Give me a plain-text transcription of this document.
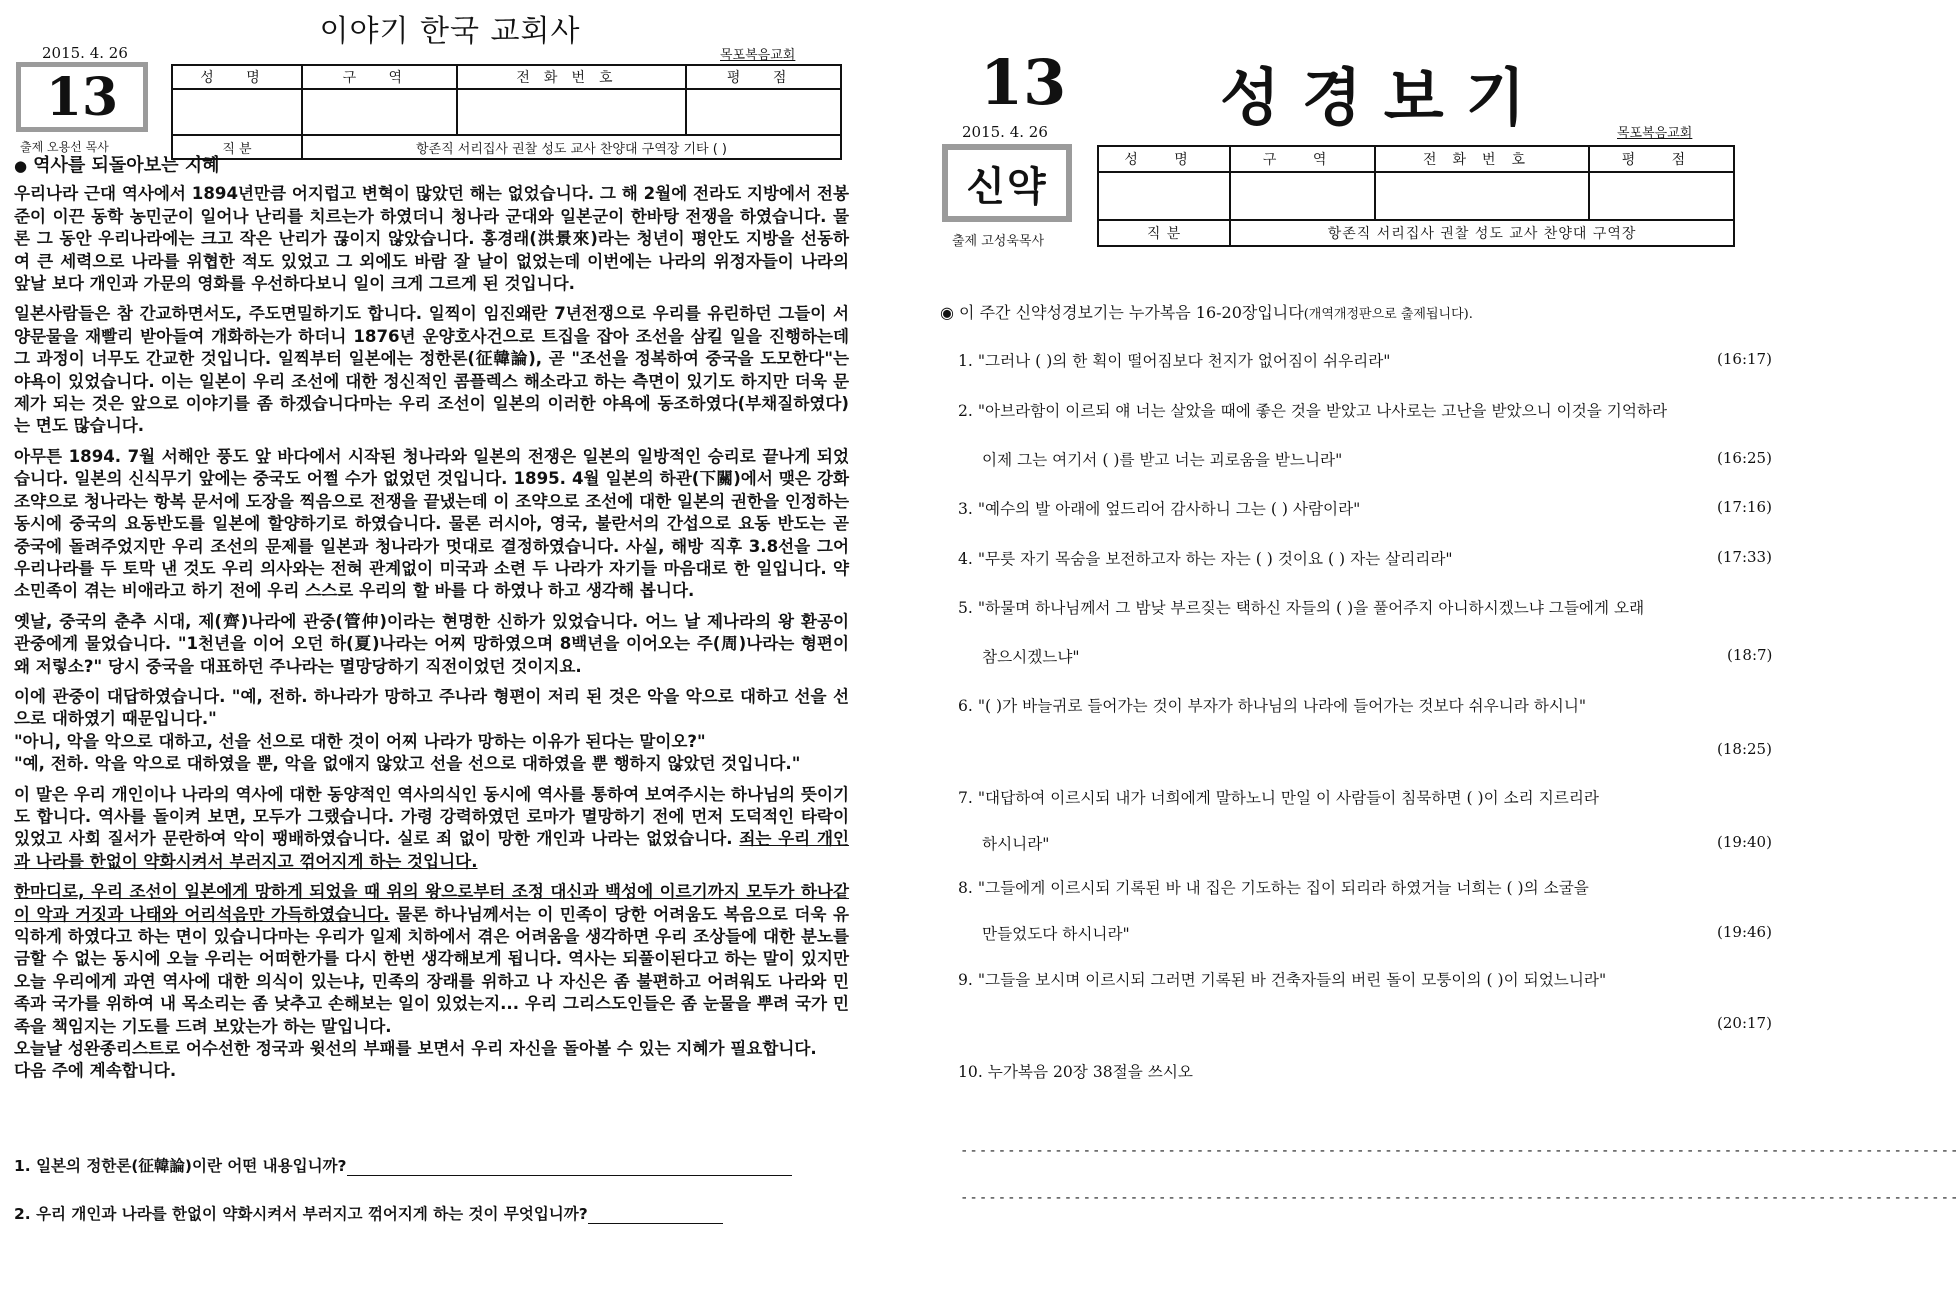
이야기 한국 교회사
2015. 4. 26	목포복음교회
13
출제 오용선 목사
성 명	구 역	전화번호	평 점

직 분	항존직 서리집사 권찰 성도 교사 찬양대 구역장 기타 ( )		

● 역사를 되돌아보는 지혜

우리나라 근대 역사에서 1894년만큼 어지럽고 변혁이 많았던 해는 없었습니다. 그 해 2월에 전라도 지방에서 전봉준이 이끈 동학 농민군이 일어나 난리를 치르는가 하였더니 청나라 군대와 일본군이 한바탕 전쟁을 하였습니다. 물론 그 동안 우리나라에는 크고 작은 난리가 끊이지 않았습니다. 홍경래(洪景來)라는 청년이 평안도 지방을 선동하여 큰 세력으로 나라를 위협한 적도 있었고 그 외에도 바람 잘 날이 없었는데 이번에는 나라의 위정자들이 나라의 앞날 보다 개인과 가문의 영화를 우선하다보니 일이 크게 그르게 된 것입니다.

일본사람들은 참 간교하면서도, 주도면밀하기도 합니다. 일찍이 임진왜란 7년전쟁으로 우리를 유린하던 그들이 서양문물을 재빨리 받아들여 개화하는가 하더니 1876년 운양호사건으로 트집을 잡아 조선을 삼킬 일을 진행하는데 그 과정이 너무도 간교한 것입니다. 일찍부터 일본에는 정한론(征韓論), 곧 "조선을 정복하여 중국을 도모한다"는 야욕이 있었습니다. 이는 일본이 우리 조선에 대한 정신적인 콤플렉스 해소라고 하는 측면이 있기도 하지만 더욱 문제가 되는 것은 앞으로 이야기를 좀 하겠습니다마는 우리 조선이 일본의 이러한 야욕에 동조하였다(부채질하였다)는 면도 많습니다.

아무튼 1894. 7월 서해안 풍도 앞 바다에서 시작된 청나라와 일본의 전쟁은 일본의 일방적인 승리로 끝나게 되었습니다. 일본의 신식무기 앞에는 중국도 어쩔 수가 없었던 것입니다. 1895. 4월 일본의 하관(下關)에서 맺은 강화조약으로 청나라는 항복 문서에 도장을 찍음으로 전쟁을 끝냈는데 이 조약으로 조선에 대한 일본의 권한을 인정하는 동시에 중국의 요동반도를 일본에 할양하기로 하였습니다. 물론 러시아, 영국, 불란서의 간섭으로 요동 반도는 곧 중국에 돌려주었지만 우리 조선의 문제를 일본과 청나라가 멋대로 결정하였습니다. 사실, 해방 직후 3.8선을 그어 우리나라를 두 토막 낸 것도 우리 의사와는 전혀 관계없이 미국과 소련 두 나라가 자기들 마음대로 한 일입니다. 약소민족이 겪는 비애라고 하기 전에 우리 스스로 우리의 할 바를 다 하였나 하고 생각해 봅니다.

옛날, 중국의 춘추 시대, 제(齊)나라에 관중(管仲)이라는 현명한 신하가 있었습니다. 어느 날 제나라의 왕 환공이 관중에게 물었습니다. "1천년을 이어 오던 하(夏)나라는 어찌 망하였으며 8백년을 이어오는 주(周)나라는 형편이 왜 저렇소?" 당시 중국을 대표하던 주나라는 멸망당하기 직전이었던 것이지요.

이에 관중이 대답하였습니다. "예, 전하. 하나라가 망하고 주나라 형편이 저리 된 것은 악을 악으로 대하고 선을 선으로 대하였기 때문입니다."

"아니, 악을 악으로 대하고, 선을 선으로 대한 것이 어찌 나라가 망하는 이유가 된다는 말이오?"

"예, 전하. 악을 악으로 대하였을 뿐, 악을 없애지 않았고 선을 선으로 대하였을 뿐 행하지 않았던 것입니다."

이 말은 우리 개인이나 나라의 역사에 대한 동양적인 역사의식인 동시에 역사를 통하여 보여주시는 하나님의 뜻이기도 합니다. 역사를 돌이켜 보면, 모두가 그랬습니다. 가령 강력하였던 로마가 멸망하기 전에 먼저 도덕적인 타락이 있었고 사회 질서가 문란하여 악이 팽배하였습니다. 실로 죄 없이 망한 개인과 나라는 없었습니다. 죄는 우리 개인과 나라를 한없이 약화시켜서 부러지고 꺾어지게 하는 것입니다.

한마디로, 우리 조선이 일본에게 망하게 되었을 때 위의 왕으로부터 조정 대신과 백성에 이르기까지 모두가 하나같이 악과 거짓과 나태와 어리석음만 가득하였습니다. 물론 하나님께서는 이 민족이 당한 어려움도 복음으로 더욱 유익하게 하였다고 하는 면이 있습니다마는 우리가 일제 치하에서 겪은 어려움을 생각하면 우리 조상들에 대한 분노를 금할 수 없는 동시에 오늘 우리는 어떠한가를 다시 한번 생각해보게 됩니다. 역사는 되풀이된다고 하는 말이 있지만 오늘 우리에게 과연 역사에 대한 의식이 있는냐, 민족의 장래를 위하고 나 자신은 좀 불편하고 어려워도 나라와 민족과 국가를 위하여 내 목소리는 좀 낮추고 손해보는 일이 있었는지... 우리 그리스도인들은 좀 눈물을 뿌려 국가 민족을 책임지는 기도를 드려 보았는가 하는 말입니다.

오늘날 성완종리스트로 어수선한 정국과 윗선의 부패를 보면서 우리 자신을 돌아볼 수 있는 지혜가 필요합니다.

다음 주에 계속합니다.

1. 일본의 정한론(征韓論)이란 어떤 내용입니까?
2. 우리 개인과 나라를 한없이 약화시켜서 부러지고 꺾어지게 하는 것이 무엇입니까?
13 성경보기
2015. 4. 26	목포복음교회
신약
출제 고성욱목사
성 명	구 역	전화번호	평 점

직 분	항존직 서리집사 권찰 성도 교사 찬양대 구역장		
◉ 이 주간 신약성경보기는 누가복음 16-20장입니다(개역개정판으로 출제됩니다).
1. "그러나 ( )의 한 획이 떨어짐보다 천지가 없어짐이 쉬우리라"	(16:17)
2. "아브라함이 이르되 얘 너는 살았을 때에 좋은 것을 받았고 나사로는 고난을 받았으니 이것을 기억하라
이제 그는 여기서 ( )를 받고 너는 괴로움을 받느니라"	(16:25)
3. "예수의 발 아래에 엎드리어 감사하니 그는 ( ) 사람이라"	(17:16)
4. "무릇 자기 목숨을 보전하고자 하는 자는 ( ) 것이요 ( ) 자는 살리리라"	(17:33)
5. "하물며 하나님께서 그 밤낮 부르짖는 택하신 자들의 ( )을 풀어주지 아니하시겠느냐 그들에게 오래
참으시겠느냐"	(18:7)
6. "( )가 바늘귀로 들어가는 것이 부자가 하나님의 나라에 들어가는 것보다 쉬우니라 하시니"
(18:25)
7. "대답하여 이르시되 내가 너희에게 말하노니 만일 이 사람들이 침묵하면 ( )이 소리 지르리라
하시니라"	(19:40)
8. "그들에게 이르시되 기록된 바 내 집은 기도하는 집이 되리라 하였거늘 너희는 ( )의 소굴을
만들었도다 하시니라"	(19:46)
9. "그들을 보시며 이르시되 그러면 기록된 바 건축자들의 버린 돌이 모퉁이의 ( )이 되었느니라"
(20:17)
10. 누가복음 20장 38절을 쓰시오
----------------------------------------------------------------------------------------------------------
----------------------------------------------------------------------------------------------------------
